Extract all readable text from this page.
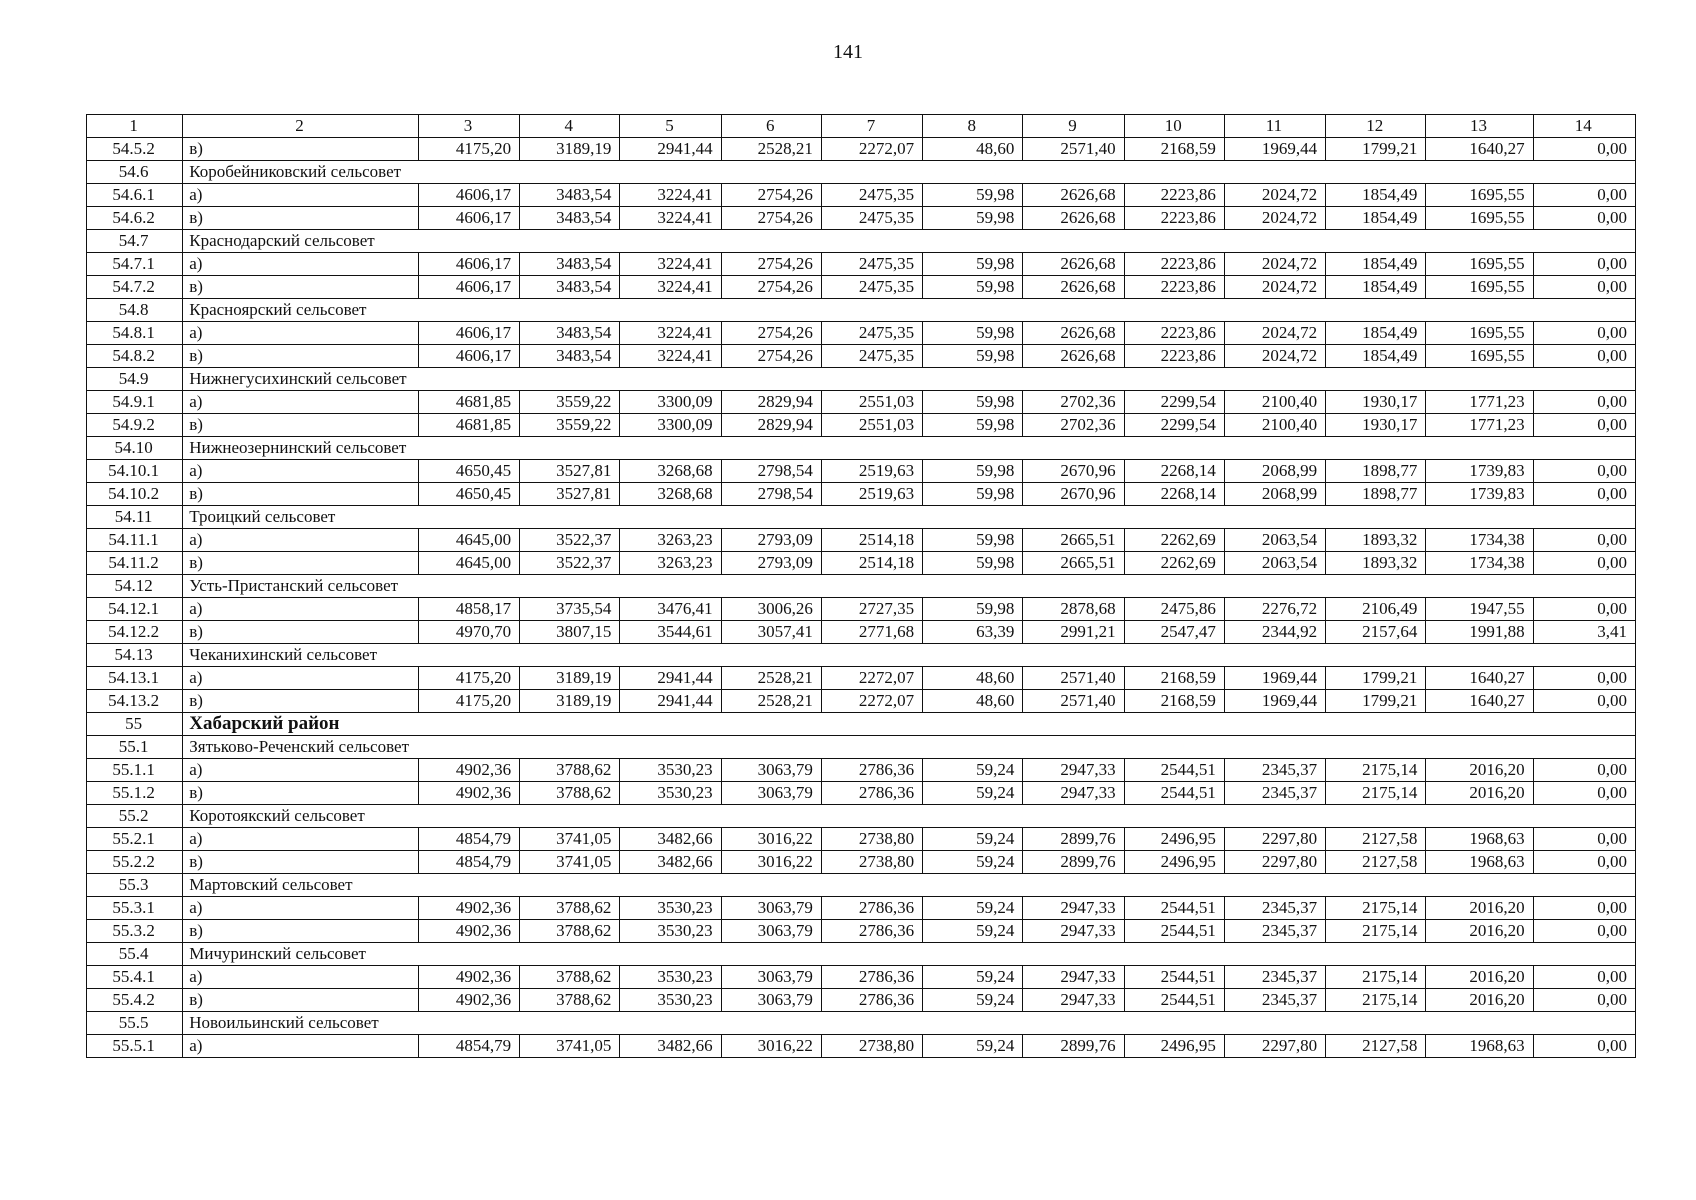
141
1	2	3	4	5	6	7	8	9	10	11	12	13	14
54.5.2	в)	4175,20	3189,19	2941,44	2528,21	2272,07	48,60	2571,40	2168,59	1969,44	1799,21	1640,27	0,00
54.6	Коробейниковский сельсовет												
54.6.1	а)	4606,17	3483,54	3224,41	2754,26	2475,35	59,98	2626,68	2223,86	2024,72	1854,49	1695,55	0,00
54.6.2	в)	4606,17	3483,54	3224,41	2754,26	2475,35	59,98	2626,68	2223,86	2024,72	1854,49	1695,55	0,00
54.7	Краснодарский сельсовет												
54.7.1	а)	4606,17	3483,54	3224,41	2754,26	2475,35	59,98	2626,68	2223,86	2024,72	1854,49	1695,55	0,00
54.7.2	в)	4606,17	3483,54	3224,41	2754,26	2475,35	59,98	2626,68	2223,86	2024,72	1854,49	1695,55	0,00
54.8	Красноярский сельсовет												
54.8.1	а)	4606,17	3483,54	3224,41	2754,26	2475,35	59,98	2626,68	2223,86	2024,72	1854,49	1695,55	0,00
54.8.2	в)	4606,17	3483,54	3224,41	2754,26	2475,35	59,98	2626,68	2223,86	2024,72	1854,49	1695,55	0,00
54.9	Нижнегусихинский сельсовет												
54.9.1	а)	4681,85	3559,22	3300,09	2829,94	2551,03	59,98	2702,36	2299,54	2100,40	1930,17	1771,23	0,00
54.9.2	в)	4681,85	3559,22	3300,09	2829,94	2551,03	59,98	2702,36	2299,54	2100,40	1930,17	1771,23	0,00
54.10	Нижнеозернинский сельсовет												
54.10.1	а)	4650,45	3527,81	3268,68	2798,54	2519,63	59,98	2670,96	2268,14	2068,99	1898,77	1739,83	0,00
54.10.2	в)	4650,45	3527,81	3268,68	2798,54	2519,63	59,98	2670,96	2268,14	2068,99	1898,77	1739,83	0,00
54.11	Троицкий сельсовет												
54.11.1	а)	4645,00	3522,37	3263,23	2793,09	2514,18	59,98	2665,51	2262,69	2063,54	1893,32	1734,38	0,00
54.11.2	в)	4645,00	3522,37	3263,23	2793,09	2514,18	59,98	2665,51	2262,69	2063,54	1893,32	1734,38	0,00
54.12	Усть-Пристанский сельсовет												
54.12.1	а)	4858,17	3735,54	3476,41	3006,26	2727,35	59,98	2878,68	2475,86	2276,72	2106,49	1947,55	0,00
54.12.2	в)	4970,70	3807,15	3544,61	3057,41	2771,68	63,39	2991,21	2547,47	2344,92	2157,64	1991,88	3,41
54.13	Чеканихинский сельсовет												
54.13.1	а)	4175,20	3189,19	2941,44	2528,21	2272,07	48,60	2571,40	2168,59	1969,44	1799,21	1640,27	0,00
54.13.2	в)	4175,20	3189,19	2941,44	2528,21	2272,07	48,60	2571,40	2168,59	1969,44	1799,21	1640,27	0,00
55	Хабарский район												
55.1	Зятьково-Реченский сельсовет												
55.1.1	а)	4902,36	3788,62	3530,23	3063,79	2786,36	59,24	2947,33	2544,51	2345,37	2175,14	2016,20	0,00
55.1.2	в)	4902,36	3788,62	3530,23	3063,79	2786,36	59,24	2947,33	2544,51	2345,37	2175,14	2016,20	0,00
55.2	Коротоякский сельсовет												
55.2.1	а)	4854,79	3741,05	3482,66	3016,22	2738,80	59,24	2899,76	2496,95	2297,80	2127,58	1968,63	0,00
55.2.2	в)	4854,79	3741,05	3482,66	3016,22	2738,80	59,24	2899,76	2496,95	2297,80	2127,58	1968,63	0,00
55.3	Мартовский сельсовет												
55.3.1	а)	4902,36	3788,62	3530,23	3063,79	2786,36	59,24	2947,33	2544,51	2345,37	2175,14	2016,20	0,00
55.3.2	в)	4902,36	3788,62	3530,23	3063,79	2786,36	59,24	2947,33	2544,51	2345,37	2175,14	2016,20	0,00
55.4	Мичуринский сельсовет												
55.4.1	а)	4902,36	3788,62	3530,23	3063,79	2786,36	59,24	2947,33	2544,51	2345,37	2175,14	2016,20	0,00
55.4.2	в)	4902,36	3788,62	3530,23	3063,79	2786,36	59,24	2947,33	2544,51	2345,37	2175,14	2016,20	0,00
55.5	Новоильинский сельсовет												
55.5.1	а)	4854,79	3741,05	3482,66	3016,22	2738,80	59,24	2899,76	2496,95	2297,80	2127,58	1968,63	0,00
